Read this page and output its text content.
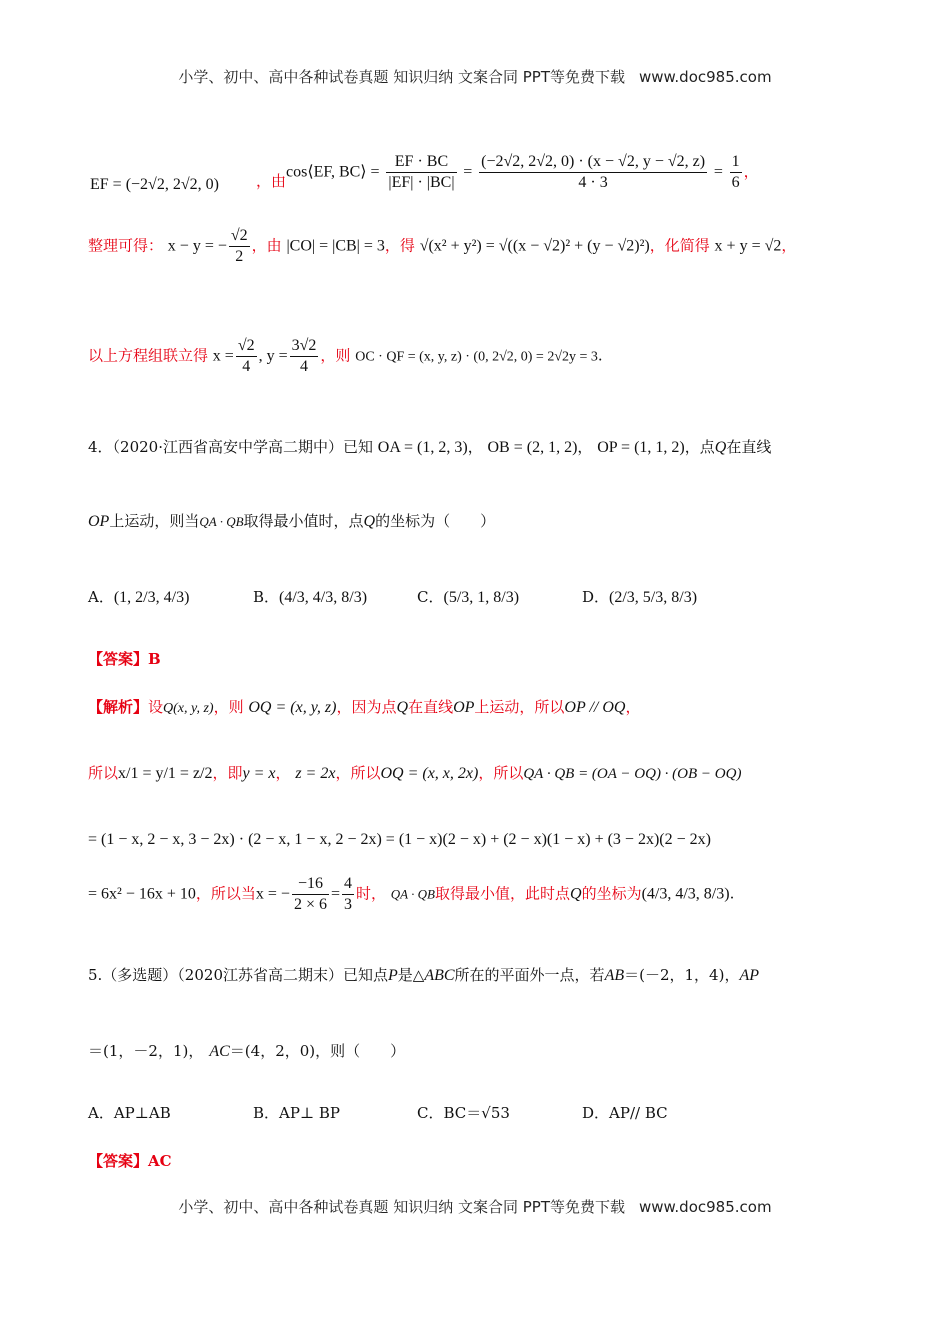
小学、初中、高中各种试卷真题 知识归纳 文案合同 PPT等免费下载 www.doc985.com
EF = (−2√2, 2√2, 0) ，由 cos⟨EF, BC⟩ = $\frac{EF \cdot BC}{|EF| \cdot |BC|} = \frac{(-2√2, 2√2, 0) \cdot (x - √2, y - √2, z)}{4 \cdot 3} = \frac{1}{6}$ ，
整理可得： x − y = − $\frac{√2}{2}$ ，由 |CO| = |CB| = 3，得 √(x² + y²) = √((x − √2)² + (y − √2)²)，化简得 x + y = √2，
以上方程组联立得 $x = \frac{√2}{4}$ , $y = \frac{3√2}{4}$ ，则 OC · QF = (x, y, z) · (0, 2√2, 0) = 2√2y = 3.
4．（2020·江西省高安中学高二期中）已知 OA = (1, 2, 3)， OB = (2, 1, 2)， OP = (1, 1, 2)，点Q在直线
OP上运动，则当QA · QB取得最小值时，点Q的坐标为（　　）
A．(1, 2/3, 4/3)	B．(4/3, 4/3, 8/3)	C．(5/3, 1, 8/3)	D．(2/3, 5/3, 8/3)
【答案】B
【解析】设Q(x, y, z)，则 OQ = (x, y, z)，因为点Q在直线OP上运动，所以OP // OQ，
所以x/1 = y/1 = z/2，即y = x， z = 2x，所以OQ = (x, x, 2x)，所以QA · QB = (OA − OQ) · (OB − OQ)
= (1 − x, 2 − x, 3 − 2x) · (2 − x, 1 − x, 2 − 2x) = (1 − x)(2 − x) + (2 − x)(1 − x) + (3 − 2x)(2 − 2x)
= 6x² − 16x + 10，所以当x = − $\frac{-16}{2 \times 6} = \frac{4}{3}$ 时， QA · QB取得最小值，此时点Q的坐标为(4/3, 4/3, 8/3).
5.（多选题）（2020江苏省高二期末）已知点P是△ABC所在的平面外一点，若AB＝(－2，1，4)，AP
＝(1，－2，1)， AC＝(4，2，0)，则（　　）
A．AP⊥AB	B．AP⊥ BP	C．BC＝√53	D．AP// BC
【答案】AC
小学、初中、高中各种试卷真题 知识归纳 文案合同 PPT等免费下载 www.doc985.com
